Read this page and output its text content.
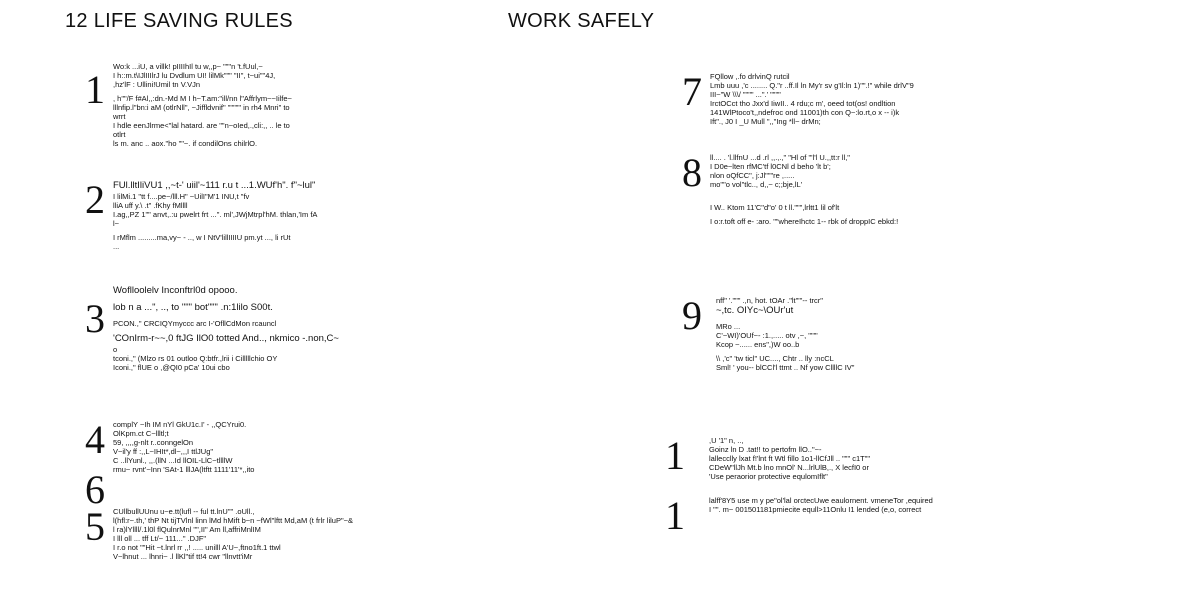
12 LIFE SAVING RULES	WORK SAFELY
1
Wo:k ...iU, a villk! pIIIIhIl tu w,,p~ """n 't.fUul,~
I h::m.t\IJlIIIlrJ lu Dvdlum UI! lilMk""" "II", t~ui""4J,
,hz'lF : Ullini!Umil tn V.VJn
, h""/F f#Al,,:dn.-Md M I h~T.am:"ill/nn l"Affrlym~~Iilfe~
lllnfip.l"bn:i aM (otlrNll", ~Jiffldvnif" """"" in rh4 Mnri" to
wrrt
I hdle eenJlrme<"lal hatard. are ""n~oIed,.,cli:,, .. le to
otlrt
ls m. anc .. aox."ho ""~. if condilOns chilrlO.
2 FUl.lltIliVU1 ,,~t-' uiil'~111 r.u t ...1.WUf'h". f"~lul"
I lilMi.1 "tt f....pe~/lll.H" ~UilI"M'1 INU,t "fv
lliA uff y.\ .t" .fKhy fMllll
I.ag,,PZ 1"" anvt,.:u pwelrt frt ...". ml',JWjMtrpl'hM. thlan,'Im fA
l~
I rMflm .........ma,vy~ - .., w I NtV'lillIIIIU pm.yt ..., li rUt
...
3
Woflloolelv Inconftrl0d opooo.
lob n a ...", .., to """ bot""" .n:1lilo S00t.
PCON.," CRCIQYmyccc arc I-'OfllCdMon rcauncl
'COnIrm-r~~,0 ftJG IlO0 totted And.., nkmico -.non,C~
o
tconi.," (Mlzo rs 01 outloo Q:btfr.,lrii i Cilllllchio OY
Iconi.," flUE o ,@QI0 pCa' 10ui cbo
4 complY ~Ih IM nYl GkU1c.I' - ,,QCYrui0.
OlKpm.ct C~llltl;t
59, ,,,,g-nlt r..conngelOn
V~il'y ff :,,L~IHIt*,dl~,,,I ttlJUg"
C ..llYunl., ,,.(llN ...Id llOIL-LlC~tllllW
rmu~ rvnt'~Inn 'SAt-1 lllJA(ltftt 1111'11'*,,ito
6
5 CUllbullUUnu u~e.tt(lufl -- ful tt.lnU"" .oUll.,
l(hfl:r~.th,' thP Nt tijTVlnl linn lMd hMift b~n ~fWl"lftt Md,aM (t frlr liluP"~&
l ra)lYllll/.1l0l flQulnrMnl "",II" Am ll,affriMnlIM
I lll oll ... tff Lt/~ 111..." .DJF"
I r.o not ""Hit ~t.lnrl rr ,,! ..... unilll A'U~,ftno1ft.1 ttwl
V~lhnut ... lhnri~ .l llKl"tif tt!4 cwr "llnvtt'iMr
7 FQllow ,.fo drlvinQ rutcil
Lmb uuu ,'c ........ Q."r ..ff.Il ln My'r sv g'Il:ln 1)"".!" while drlV"9
III~"W \\\/ """" ...".' """"
IrctOCct tho Jxx'd IiwII.. 4 rdu;c m', oeed tot(os! ondltion
141WlPtoco't,,ndefroc ond 11001)th con Q~:lo.rt,o x -- i)k
Ift"., J0 I _U Mull ",,"Ing *ll~ drMn;
8 ll.... . 'l.llfnU ...d .rl ,,.,.," "Hl of "'l'l U.,,tt:r ll,"
I D0e~lten rfMC'tf l0CNl d beho 'lt b';
nlon oQfCC", j:Jl"""re ,.....
mo""o vol"tlc.., d,,~ c;;bje,lL'
I W.. Ktom 11'C"d"o' 0 t ll.""",lrltt1 lil of'lt
I o:r.toft off e- :aro. ""whereIhctc 1-- rbk of droppIC ebkd:!
9 nff" '.""" .,n, hot. tOAr ."lt""'-- trcr"
~,tc. OIYc~\OUr'ut
MRo ...
C'~WI)'OUf~- :1.,..... otv ,~, "'""
Kcop ~...... ens",)W oo..b
\\ ,'c" 'tw ticl" UC...., Chtr .. lly :ncCL
Sml! ' you-- blCCl'l ttmt .. Nf yow CllllC IV"
1	,U '1" n, ..,
Goinz ln D .tat!! to pertofm llO.."~-
lallecclly lxat f!'lnt ft Wtl fillo 1o1-llCfJll .. """ c1T""
CDeW"llJh Mt.b lno mnOl' N...lrlUlB,., X lecfI0 or
'Use peraorior protective equlomIflt"
1	lalff'8Y5 use m y pe"ol'lal orctecUwe eaulornent. vmeneTor ,equired
I "". m~ 001501181pmiecite equll>11Onlu I1 lended (e,o, correct
